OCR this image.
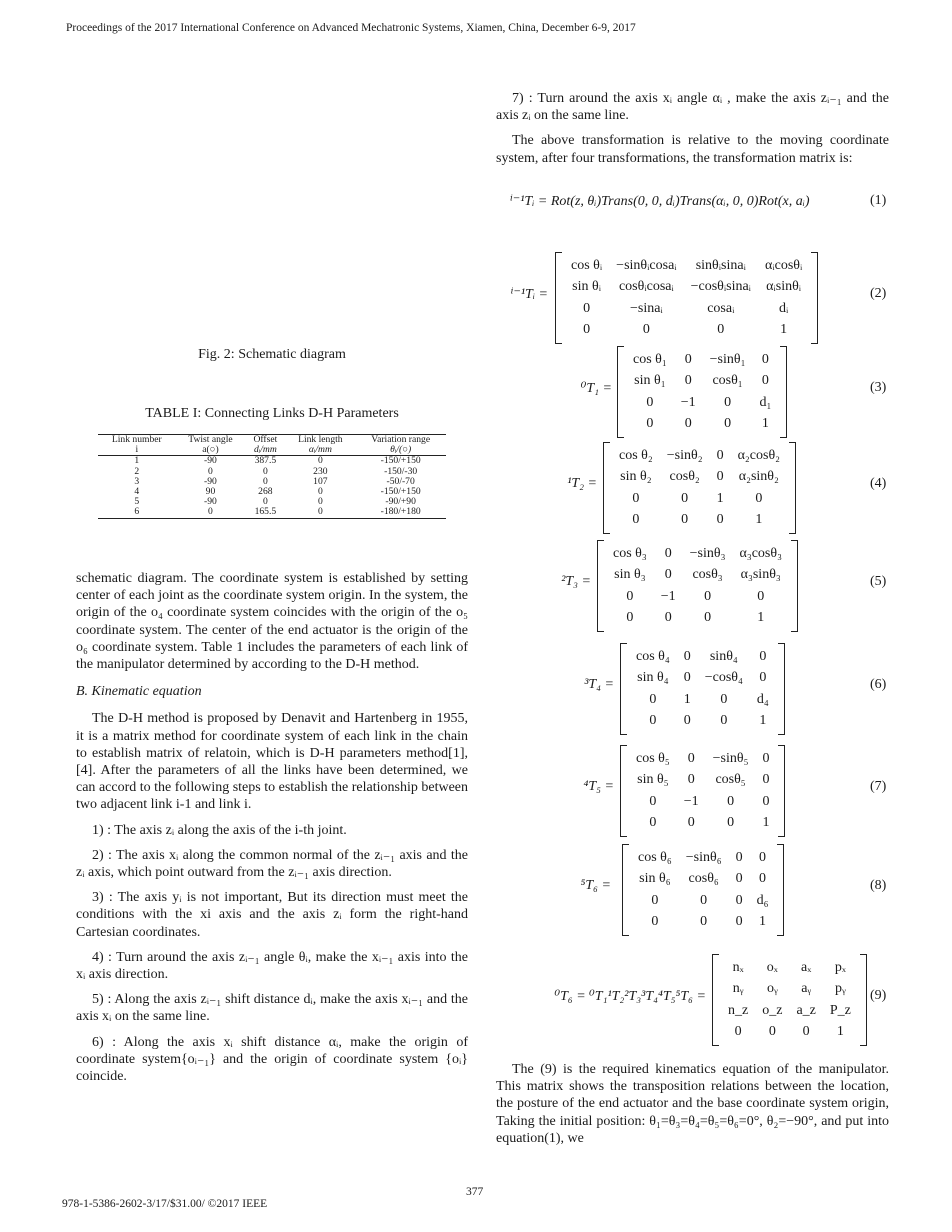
Proceedings of the 2017 International Conference on Advanced Mechatronic Systems, Xiamen, China, December 6-9, 2017
Fig. 2: Schematic diagram
TABLE I: Connecting Links D-H Parameters
Link number	Twist angle	Offset	Link length	Variation range
i	a(○)	dᵢ/mm	αᵢ/mm	θᵢ/(○)
1	-90	387.5	0	-150/+150
2	0	0	230	-150/-30
3	-90	0	107	-50/-70
4	90	268	0	-150/+150
5	-90	0	0	-90/+90
6	0	165.5	0	-180/+180

schematic diagram. The coordinate system is established by setting center of each joint as the coordinate system origin. In the system, the origin of the o₄ coordinate system coincides with the origin of the o₅ coordinate system. The center of the end actuator is the origin of the o₆ coordinate system. Table 1 includes the parameters of each link of the manipulator determined by according to the D-H method.

B. Kinematic equation

The D-H method is proposed by Denavit and Hartenberg in 1955, it is a matrix method for coordinate system of each link in the chain to establish matrix of relatoin, which is D-H parameters method[1],[4]. After the parameters of all the links have been determined, we can accord to the following steps to establish the relationship between two adjacent link i-1 and link i.

1) : The axis zᵢ along the axis of the i-th joint.

2) : The axis xᵢ along the common normal of the zᵢ₋₁ axis and the zᵢ axis, which point outward from the zᵢ₋₁ axis direction.

3) : The axis yᵢ is not important, But its direction must meet the conditions with the xi axis and the axis zᵢ form the right-hand Cartesian coordinates.

4) : Turn around the axis zᵢ₋₁ angle θᵢ, make the xᵢ₋₁ axis into the xᵢ axis direction.

5) : Along the axis zᵢ₋₁ shift distance dᵢ, make the axis xᵢ₋₁ and the axis xᵢ on the same line.

6) : Along the axis xᵢ shift distance αᵢ, make the origin of coordinate system{oᵢ₋₁} and the origin of coordinate system {oᵢ} coincide.

7) : Turn around the axis xᵢ angle αᵢ , make the axis zᵢ₋₁ and the axis zᵢ on the same line.

The above transformation is relative to the moving coordinate system, after four transformations, the transformation matrix is:

ⁱ⁻¹Tᵢ = Rot(z, θᵢ)Trans(0, 0, dᵢ)Trans(αᵢ, 0, 0)Rot(x, aᵢ)	(1)
ⁱ⁻¹Tᵢ =
cos θᵢ	−sinθᵢcosaᵢ	sinθᵢsinaᵢ	αᵢcosθᵢ
sin θᵢ	cosθᵢcosaᵢ	−cosθᵢsinaᵢ	αᵢsinθᵢ
0	−sinaᵢ	cosaᵢ	dᵢ
0	0	0	1
(2)
⁰T₁ =
cos θ₁	0	−sinθ₁	0
sin θ₁	0	cosθ₁	0
0	−1	0	d₁
0	0	0	1
(3)
¹T₂ =
cos θ₂	−sinθ₂	0	α₂cosθ₂
sin θ₂	cosθ₂	0	α₂sinθ₂
0	0	1	0
0	0	0	1
(4)
²T₃ =
cos θ₃	0	−sinθ₃	α₃cosθ₃
sin θ₃	0	cosθ₃	α₃sinθ₃
0	−1	0	0
0	0	0	1
(5)
³T₄ =
cos θ₄	0	sinθ₄	0
sin θ₄	0	−cosθ₄	0
0	1	0	d₄
0	0	0	1
(6)
⁴T₅ =
cos θ₅	0	−sinθ₅	0
sin θ₅	0	cosθ₅	0
0	−1	0	0
0	0	0	1
(7)
⁵T₆ =
cos θ₆	−sinθ₆	0	0
sin θ₆	cosθ₆	0	0
0	0	0	d₆
0	0	0	1
(8)
⁰T₆ = ⁰T₁¹T₂²T₃³T₄⁴T₅⁵T₆ =
nₓ	oₓ	aₓ	pₓ
nᵧ	oᵧ	aᵧ	pᵧ
n_z	o_z	a_z	P_z
0	0	0	1
(9)

The (9) is the required kinematics equation of the manipulator. This matrix shows the transposition relations between the location, the posture of the end actuator and the base coordinate system origin, Taking the initial position: θ₁=θ₃=θ₄=θ₅=θ₆=0°, θ₂=−90°, and put into equation(1), we

377
978-1-5386-2602-3/17/$31.00/ ©2017 IEEE
